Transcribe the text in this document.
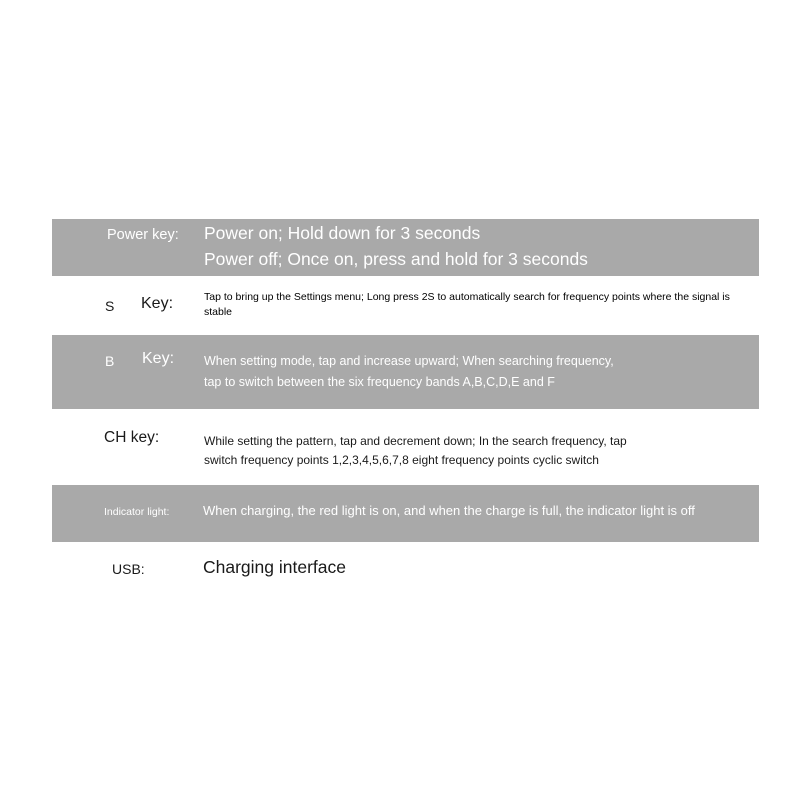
Power key: Power on; Hold down for 3 seconds
Power off; Once on, press and hold for 3 seconds
S Key:	Tap to bring up the Settings menu; Long press 2S to automatically search for frequency points where the signal is stable
B Key: When setting mode, tap and increase upward; When searching frequency,
tap to switch between the six frequency bands A,B,C,D,E and F
CH key:	While setting the pattern, tap and decrement down; In the search frequency, tap
switch frequency points 1,2,3,4,5,6,7,8 eight frequency points cyclic switch
Indicator light:	When charging, the red light is on, and when the charge is full, the indicator light is off
USB:	Charging interface
